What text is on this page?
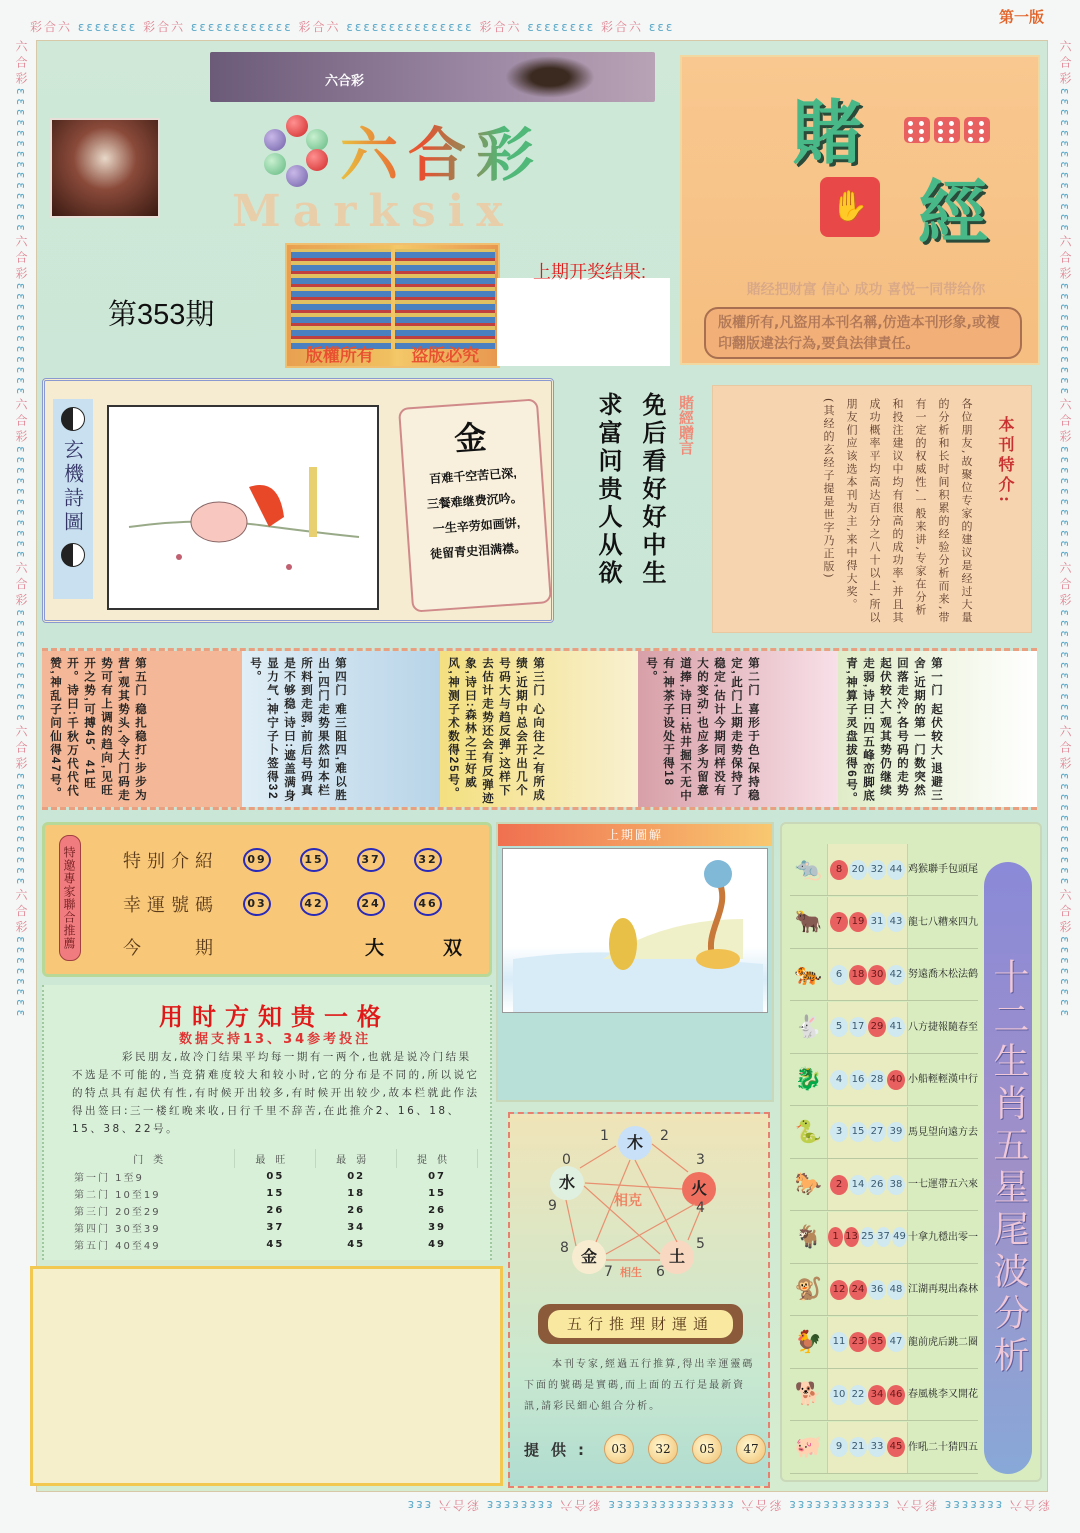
第一版
彩合六 ɛɛɛɛɛɛɛ 彩合六 ɛɛɛɛɛɛɛɛɛɛɛɛ 彩合六 ɛɛɛɛɛɛɛɛɛɛɛɛɛɛɛ 彩合六 ɛɛɛɛɛɛɛɛ 彩合六 ɛɛɛ
彩合六 ɛɛɛɛɛɛɛ 彩合六 ɛɛɛɛɛɛɛɛɛɛɛɛ 彩合六 ɛɛɛɛɛɛɛɛɛɛɛɛɛɛɛ 彩合六 ɛɛɛɛɛɛɛɛ 彩合六 ɛɛɛ
六合彩ɛɛɛɛɛɛɛɛɛɛɛɛɛɛ六合彩ɛɛɛɛɛɛɛɛɛɛɛ六合彩ɛɛɛɛɛɛɛɛɛɛɛ六合彩ɛɛɛɛɛɛɛɛɛɛɛ六合彩ɛɛɛɛɛɛɛɛɛɛɛ六合彩ɛɛɛɛɛɛɛɛ
六合彩ɛɛɛɛɛɛɛɛɛɛɛɛɛɛ六合彩ɛɛɛɛɛɛɛɛɛɛɛ六合彩ɛɛɛɛɛɛɛɛɛɛɛ六合彩ɛɛɛɛɛɛɛɛɛɛɛ六合彩ɛɛɛɛɛɛɛɛɛɛɛ六合彩ɛɛɛɛɛɛɛɛ
六合彩
六合彩
Marksix
版權所有 盗版必究
第353期
上期开奖结果:
賭
✋ 經
賭经把财富 信心 成功 喜悦一同带给你
版權所有,凡盜用本刊名稱,仿造本刊形象,或複印翻版違法行為,要負法律責任。
玄機詩圖
金
百难千空苦已深,
三餐难继费沉吟。
一生辛劳如画饼,
徒留青史泪满襟。
賭經贈言
免后看好好中生
求富问贵人从欲	各位朋友,故聚位专家的建议是经过大量的分析和长时间积累的经验分析而来,带有一定的权威性,一般来讲,专家在分析和投注建议中均有很高的成功率,并且其成功概率平均高达百分之八十以上,所以朋友们应该选本刊为主,来中得大奖。(其经的玄经子提是世字乃正版)	本刊特介:
第五门 稳扎稳打,步步为营,观其势头,令大门码走势可有上调的趋向,见旺开之势,可搏45、41旺开。诗曰:千秋万代代代赞,神乱子问仙得47号。	第四门 难三阻四,难以胜出,四门走势果然如本栏所料到走弱,前后号码真是不够稳,诗曰:遮盖满身显力气,神宁子卜签得32号。	第三门 心向往之,有所成绩,近期中总会开出几个号码大与趋反弹,这样下去估计走势还会有反弹迹象,诗曰:森林之王好威风,神测子术数得25号。	第二门 喜形于色,保持稳定,此门上期走势保持了稳定,估计今期同样没有大的变动,也应多为留意道捧,诗曰:枯井掘不无中有,神茶子设处于得18号。	第一门 起伏较大,退避三舍,近期的第一门数突然回落走冷,各号码的走势起伏较大,观其势仍继续走弱,诗曰:四五峰峦脚底青,神算子灵盘拔得6号。
特邀專家聯合推薦	特别介紹	09	15	37	32
幸運號碼	03	42	24	46
今　　期	大	双
用时方知贵一格
数据支持13、34参考投注
彩民朋友,故冷门结果平均每一期有一两个,也就是说冷门结果不选是不可能的,当竞猜难度较大和较小时,它的分布是不同的,所以说它的特点具有起伏有性,有时候开出较多,有时候开出较少,故本栏就此作法得出签曰:三一楼红晚来收,日行千里不辞苦,在此推介2、16、18、15、38、22号。
门类	最旺	最弱	提供
第一门 1至9	05	02	07
第二门 10至19	15	18	15
第三门 20至29	26	26	26
第四门 30至39	37	34	39
第五门 40至49	45	45	49
上期圖解
木
火
土
金
水
0
1	2
3
4
5
6
7
8
9	相克
相生
五行推理財運通
本刊专家,經過五行推算,得出幸運靈碼下面的號碼是實碼,而上面的五行是最新資訊,請彩民細心組合分析。
提供:	03	32	05	47
🐀	8 20 32 44 鸡猴聯手包頭尾
🐂	7 19 31 43 龍七八糟來四九
🐅	6 18 30 42 努遠喬木松法鹤
🐇	5 17 29 41 八方捷報隨春至
🐉	4 16 28 40 小船輕輕漢中行
🐍	3 15 27 39 馬見望向遠方去
🐎	2 14 26 38 一七運帶五六來
🐐	1 13 25 37 49 十拿九穩出零一
🐒	12 24 36 48 江湖再現出森林
🐓	11 23 35 47 龍前虎后跳二圈
🐕	10 22 34 46 春風桃李又開花
🐖	9 21 33 45 作吼二十猜四五
十二生肖五星尾波分析
